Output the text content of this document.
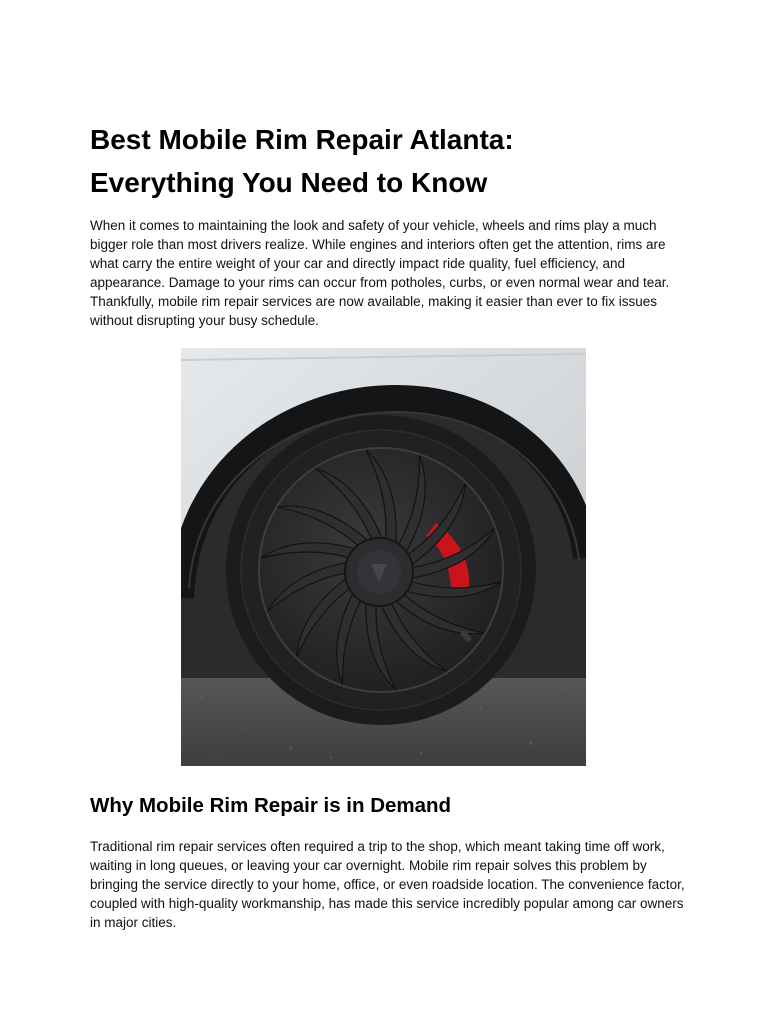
Best Mobile Rim Repair Atlanta:
Everything You Need to Know

When it comes to maintaining the look and safety of your vehicle, wheels and rims play a much bigger role than most drivers realize. While engines and interiors often get the attention, rims are what carry the entire weight of your car and directly impact ride quality, fuel efficiency, and appearance. Damage to your rims can occur from potholes, curbs, or even normal wear and tear. Thankfully, mobile rim repair services are now available, making it easier than ever to fix issues without disrupting your busy schedule.

Why Mobile Rim Repair is in Demand

Traditional rim repair services often required a trip to the shop, which meant taking time off work, waiting in long queues, or leaving your car overnight. Mobile rim repair solves this problem by bringing the service directly to your home, office, or even roadside location. The convenience factor, coupled with high-quality workmanship, has made this service incredibly popular among car owners in major cities.
